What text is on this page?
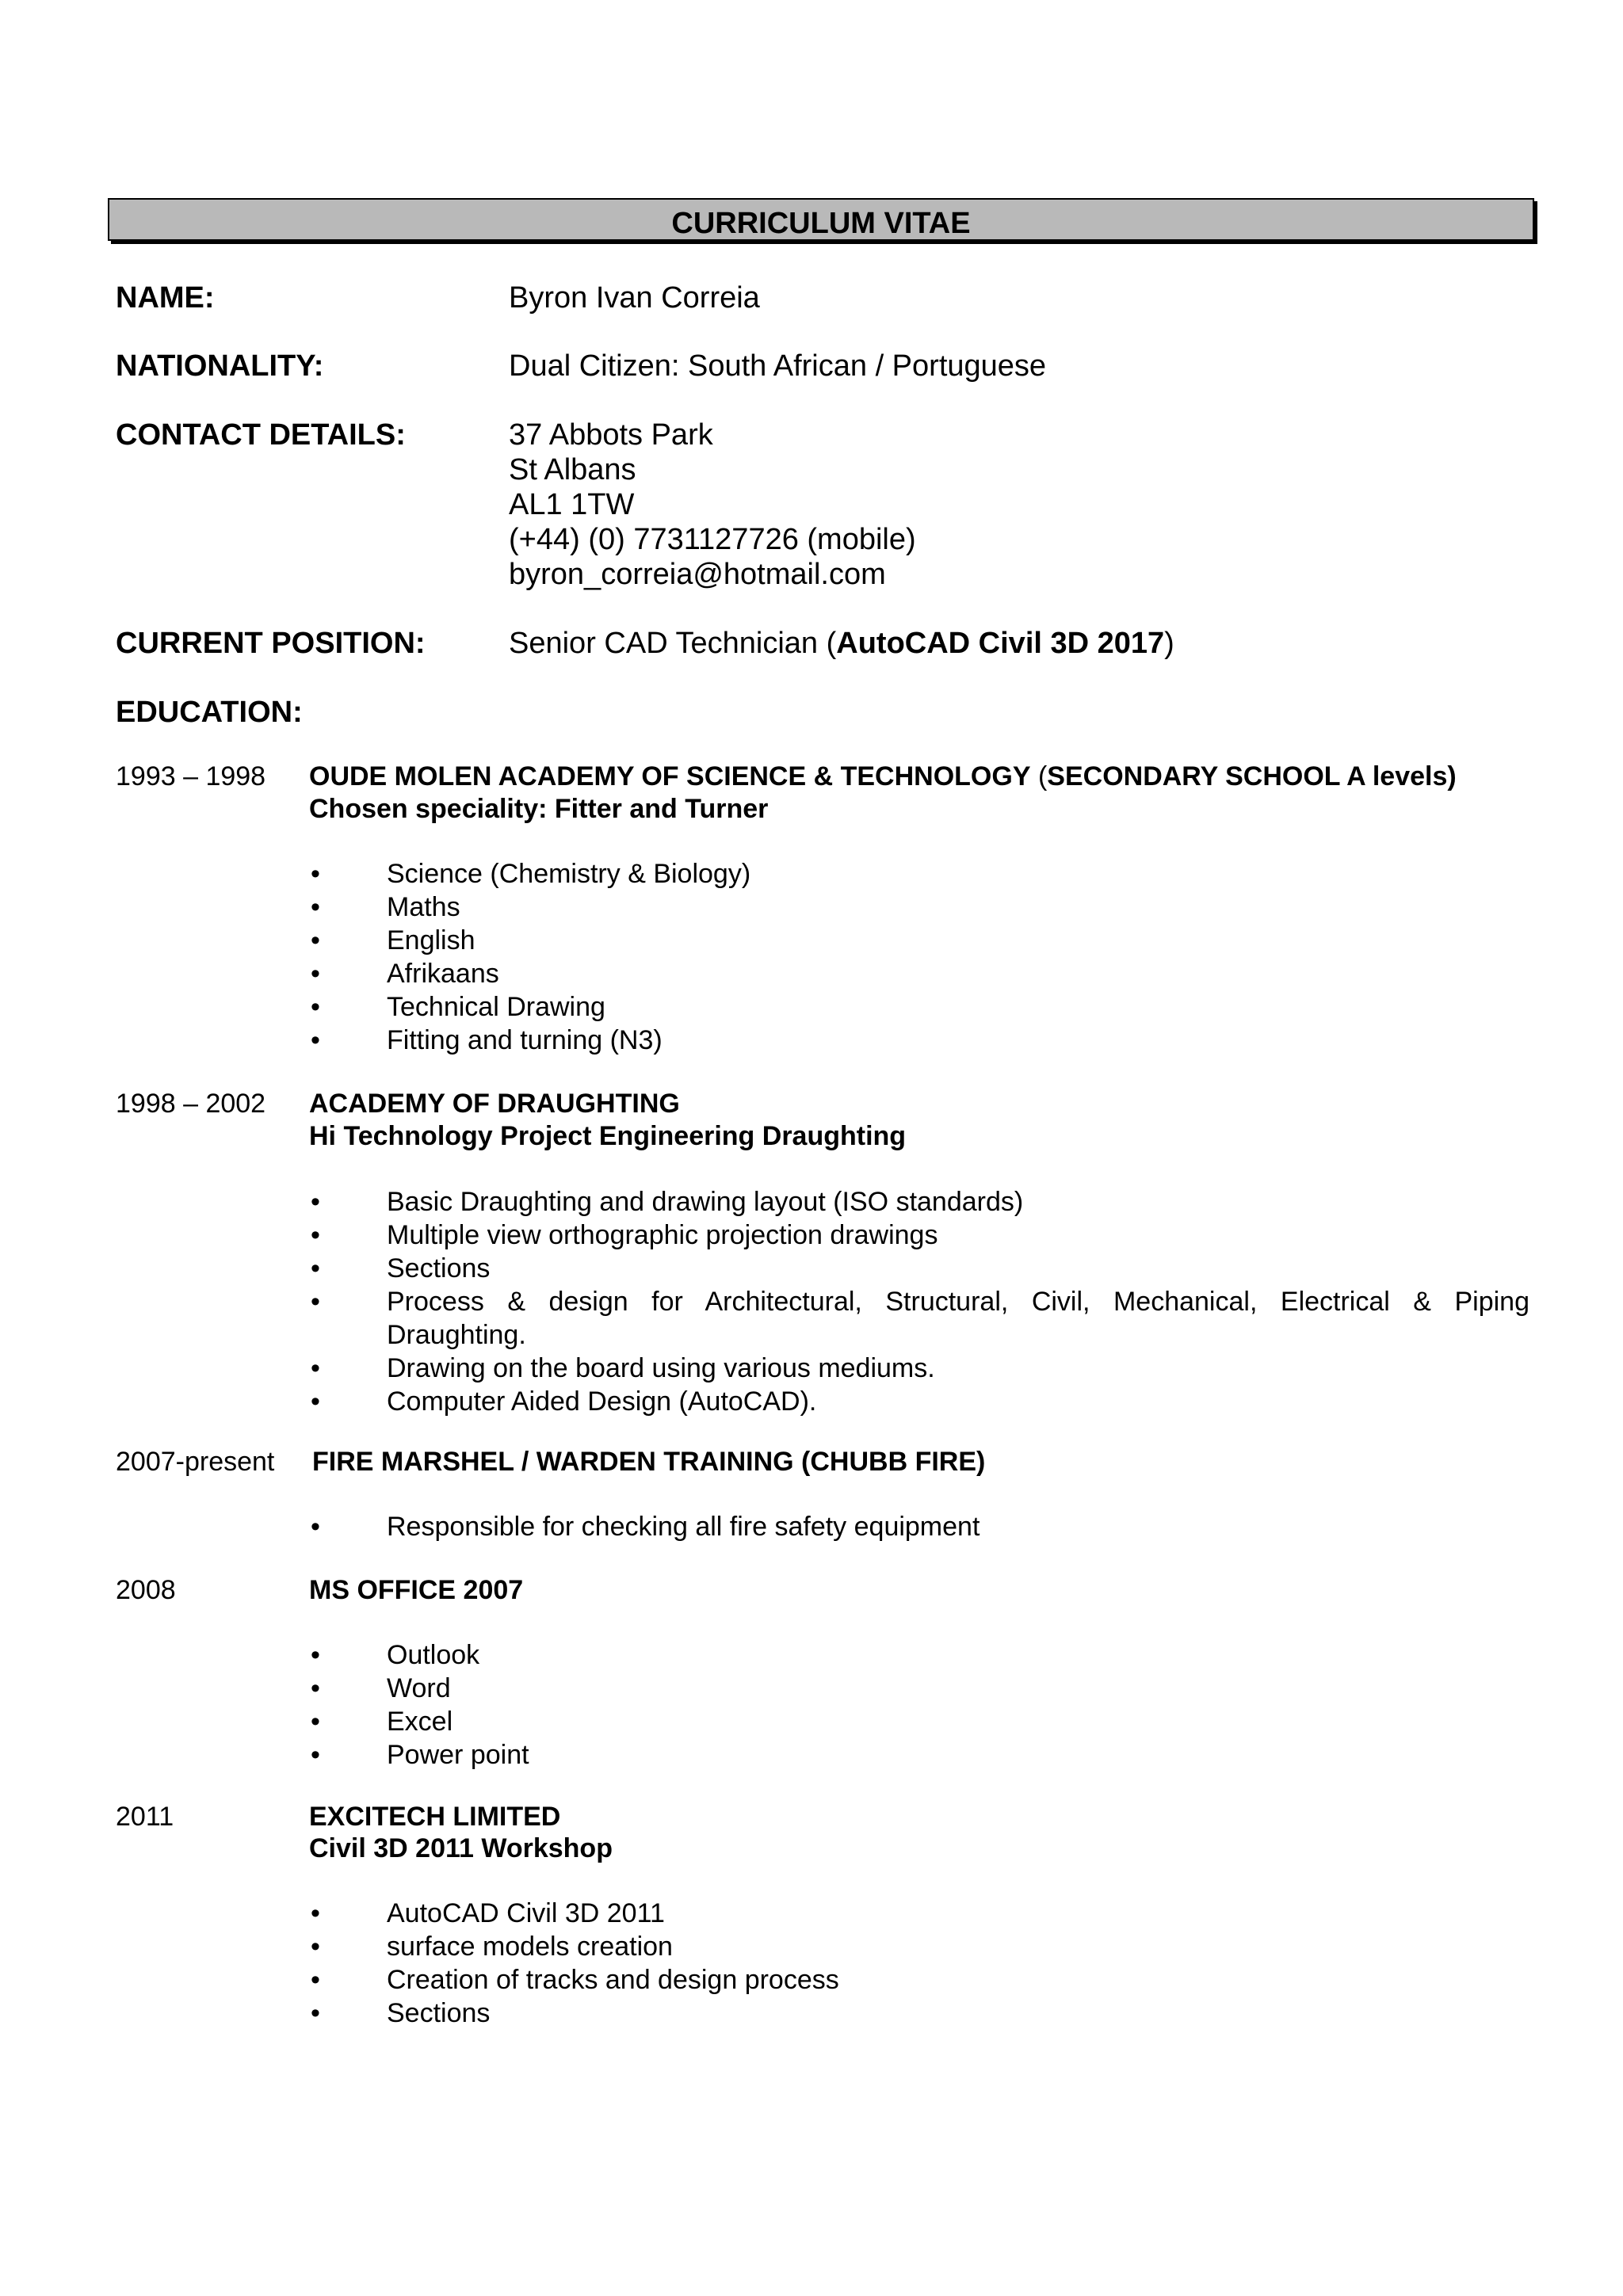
CURRICULUM VITAE
NAME:	Byron Ivan Correia
NATIONALITY:	Dual Citizen: South African / Portuguese
CONTACT DETAILS:	37 Abbots Park
St Albans
AL1 1TW
(+44) (0) 7731127726 (mobile)
byron_correia@hotmail.com
CURRENT POSITION:	Senior CAD Technician (AutoCAD Civil 3D 2017)
EDUCATION:
1993 – 1998 OUDE MOLEN ACADEMY OF SCIENCE & TECHNOLOGY (SECONDARY SCHOOL A levels)
Chosen speciality: Fitter and Turner
• Science (Chemistry & Biology)
• Maths
• English
• Afrikaans
• Technical Drawing
• Fitting and turning (N3)
1998 – 2002 ACADEMY OF DRAUGHTING
Hi Technology Project Engineering Draughting
• Basic Draughting and drawing layout (ISO standards)
• Multiple view orthographic projection drawings
• Sections
• Process & design for Architectural, Structural, Civil, Mechanical, Electrical & Piping
Draughting.
• Drawing on the board using various mediums.
• Computer Aided Design (AutoCAD).
2007-present FIRE MARSHEL / WARDEN TRAINING (CHUBB FIRE)
• Responsible for checking all fire safety equipment
2008	MS OFFICE 2007
• Outlook
• Word
• Excel
• Power point
2011	EXCITECH LIMITED
Civil 3D 2011 Workshop
• AutoCAD Civil 3D 2011
• surface models creation
• Creation of tracks and design process
• Sections
